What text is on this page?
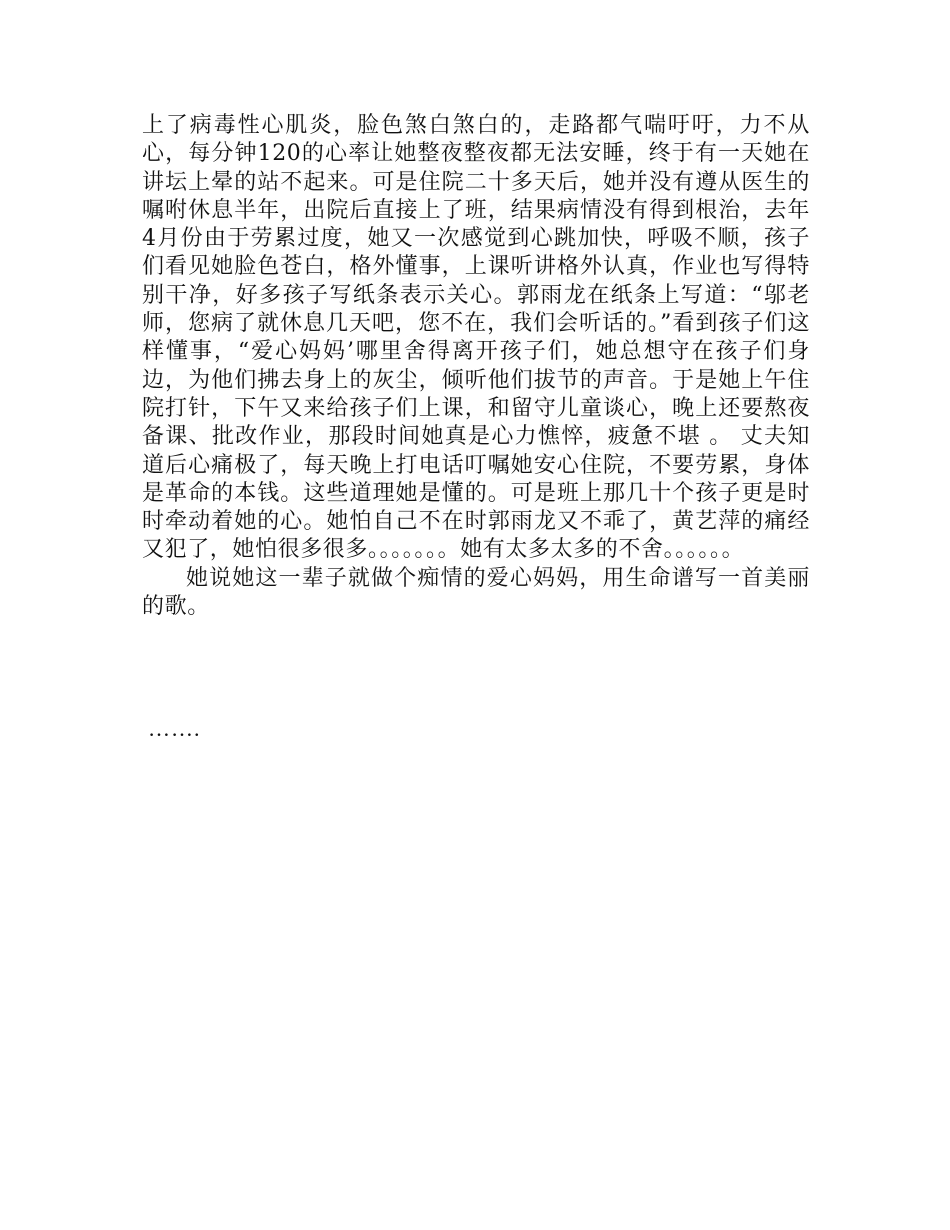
上了病毒性心肌炎，脸色煞白煞白的，走路都气喘吁吁，力不从心，每分钟120的心率让她整夜整夜都无法安睡，终于有一天她在讲坛上晕的站不起来。可是住院二十多天后，她并没有遵从医生的嘱咐休息半年，出院后直接上了班，结果病情没有得到根治，去年4月份由于劳累过度，她又一次感觉到心跳加快，呼吸不顺，孩子们看见她脸色苍白，格外懂事，上课听讲格外认真，作业也写得特别干净，好多孩子写纸条表示关心。郭雨龙在纸条上写道：“邬老师，您病了就休息几天吧，您不在，我们会听话的。”看到孩子们这样懂事，“爱心妈妈’哪里舍得离开孩子们，她总想守在孩子们身边，为他们拂去身上的灰尘，倾听他们拔节的声音。于是她上午住院打针，下午又来给孩子们上课，和留守儿童谈心，晚上还要熬夜备课、批改作业，那段时间她真是心力憔悴，疲惫不堪 。 丈夫知道后心痛极了，每天晚上打电话叮嘱她安心住院，不要劳累，身体是革命的本钱。这些道理她是懂的。可是班上那几十个孩子更是时时牵动着她的心。她怕自己不在时郭雨龙又不乖了，黄艺萍的痛经又犯了，她怕很多很多。。。。。。。她有太多太多的不舍。。。。。。

她说她这一辈子就做个痴情的爱心妈妈，用生命谱写一首美丽的歌。

…….
